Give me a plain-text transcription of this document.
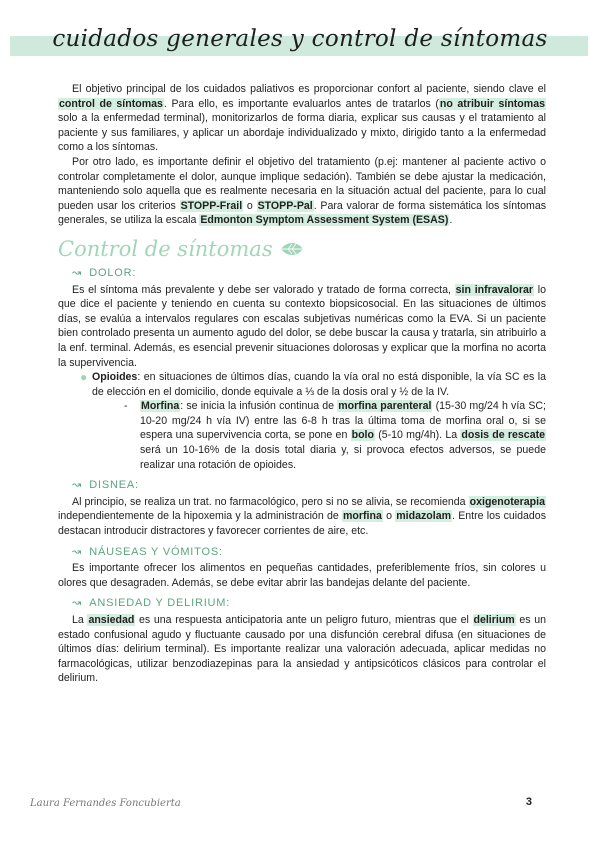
cuidados generales y control de síntomas

El objetivo principal de los cuidados paliativos es proporcionar confort al paciente, siendo clave el control de síntomas. Para ello, es importante evaluarlos antes de tratarlos (no atribuir síntomas solo a la enfermedad terminal), monitorizarlos de forma diaria, explicar sus causas y el tratamiento al paciente y sus familiares, y aplicar un abordaje individualizado y mixto, dirigido tanto a la enfermedad como a los síntomas.

Por otro lado, es importante definir el objetivo del tratamiento (p.ej: mantener al paciente activo o controlar completamente el dolor, aunque implique sedación). También se debe ajustar la medicación, manteniendo solo aquella que es realmente necesaria en la situación actual del paciente, para lo cual pueden usar los criterios STOPP-Frail o STOPP-Pal. Para valorar de forma sistemática los síntomas generales, se utiliza la escala Edmonton Symptom Assessment System (ESAS).

Control de síntomas
↝ DOLOR:

Es el síntoma más prevalente y debe ser valorado y tratado de forma correcta, sin infravalorar lo que dice el paciente y teniendo en cuenta su contexto biopsicosocial. En las situaciones de últimos días, se evalúa a intervalos regulares con escalas subjetivas numéricas como la EVA. Si un paciente bien controlado presenta un aumento agudo del dolor, se debe buscar la causa y tratarla, sin atribuirlo a la enf. terminal. Además, es esencial prevenir situaciones dolorosas y explicar que la morfina no acorta la supervivencia.

● Opioides: en situaciones de últimos días, cuando la vía oral no está disponible, la vía SC es la de elección en el domicilio, donde equivale a ⅓ de la dosis oral y ½ de la IV.
-	Morfina: se inicia la infusión continua de morfina parenteral (15-30 mg/24 h vía SC; 10-20 mg/24 h vía IV) entre las 6-8 h tras la última toma de morfina oral o, si se espera una supervivencia corta, se pone en bolo (5-10 mg/4h). La dosis de rescate será un 10-16% de la dosis total diaria y, si provoca efectos adversos, se puede realizar una rotación de opioides.
↝ DISNEA:

Al principio, se realiza un trat. no farmacológico, pero si no se alivia, se recomienda oxigenoterapia independientemente de la hipoxemia y la administración de morfina o midazolam. Entre los cuidados destacan introducir distractores y favorecer corrientes de aire, etc.

↝ NÁUSEAS Y VÓMITOS:

Es importante ofrecer los alimentos en pequeñas cantidades, preferiblemente fríos, sin colores u olores que desagraden. Además, se debe evitar abrir las bandejas delante del paciente.

↝ ANSIEDAD Y DELIRIUM:

La ansiedad es una respuesta anticipatoria ante un peligro futuro, mientras que el delirium es un estado confusional agudo y fluctuante causado por una disfunción cerebral difusa (en situaciones de últimos días: delirium terminal). Es importante realizar una valoración adecuada, aplicar medidas no farmacológicas, utilizar benzodiazepinas para la ansiedad y antipsicóticos clásicos para controlar el delirium.

Laura Fernandes Foncubierta	3
